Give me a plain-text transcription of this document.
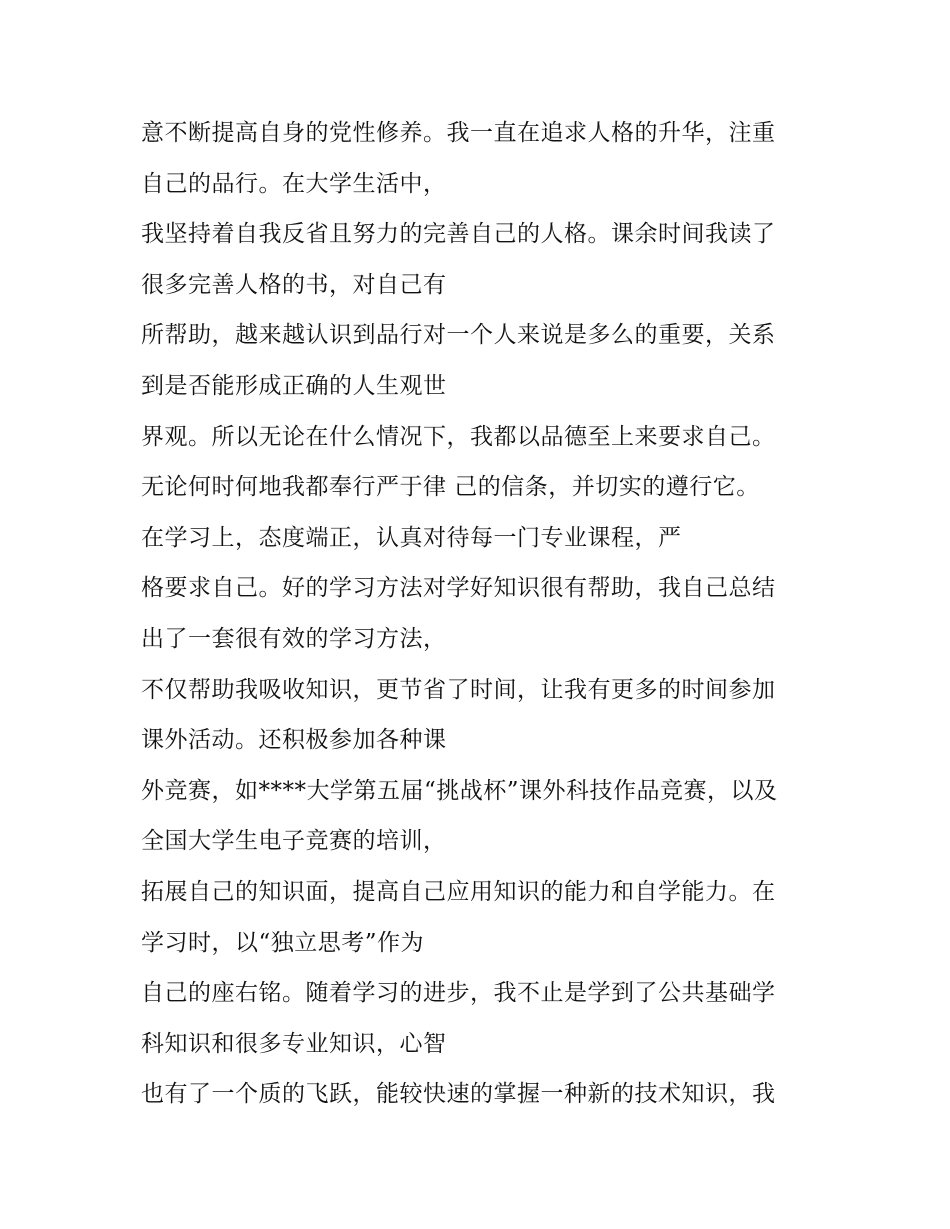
意不断提高自身的党性修养。我一直在追求人格的升华，注重
自己的品行。在大学生活中，
我坚持着自我反省且努力的完善自己的人格。课余时间我读了
很多完善人格的书，对自己有
所帮助，越来越认识到品行对一个人来说是多么的重要，关系
到是否能形成正确的人生观世
界观。所以无论在什么情况下，我都以品德至上来要求自己。
无论何时何地我都奉行严于律 己的信条，并切实的遵行它。
在学习上，态度端正，认真对待每一门专业课程，严
格要求自己。好的学习方法对学好知识很有帮助，我自己总结
出了一套很有效的学习方法，
不仅帮助我吸收知识，更节省了时间，让我有更多的时间参加
课外活动。还积极参加各种课
外竞赛，如****大学第五届“挑战杯”课外科技作品竞赛，以及
全国大学生电子竞赛的培训，
拓展自己的知识面，提高自己应用知识的能力和自学能力。在
学习时，以“独立思考”作为
自己的座右铭。随着学习的进步，我不止是学到了公共基础学
科知识和很多专业知识，心智
也有了一个质的飞跃，能较快速的掌握一种新的技术知识，我
